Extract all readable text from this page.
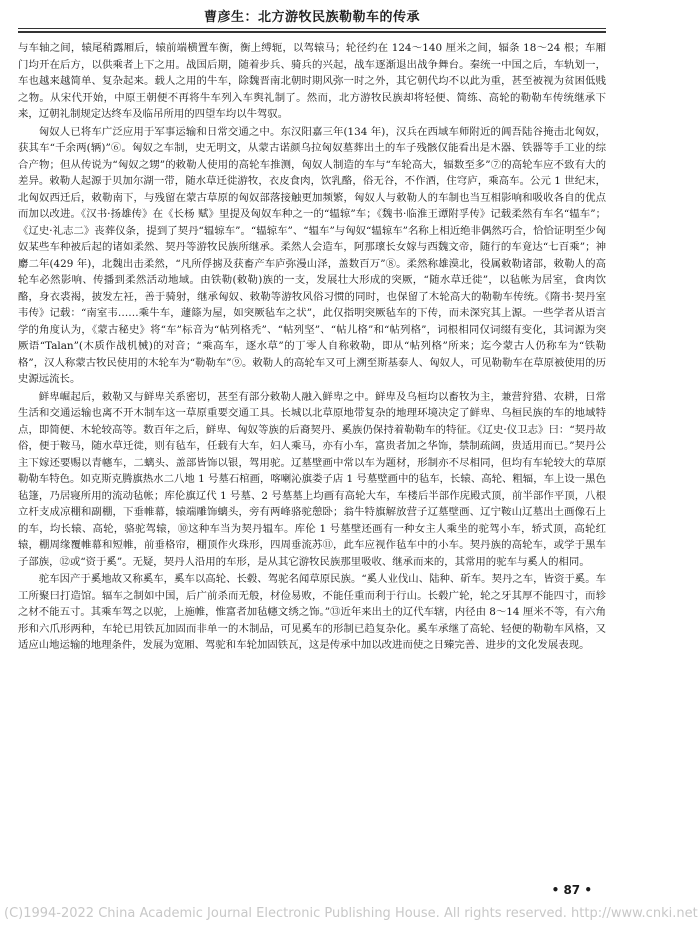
曹彦生：北方游牧民族勒勒车的传承

与车轴之间，辕尾稍露厢后，辕前端横置车衡，衡上缚轭，以驾辕马；轮径约在 124～140 厘米之间，辐条 18～24 根；车厢门均开在后方，以供乘者上下之用。战国后期，随着步兵、骑兵的兴起，战车逐渐退出战争舞台。秦统一中国之后，车轨划一，车也越来越简单、复杂起来。载人之用的牛车，除魏晋南北朝时期风弥一时之外，其它朝代均不以此为重，甚至被视为贫困低贱之物。从宋代开始，中原王朝便不再将牛车列入车舆礼制了。然而，北方游牧民族却将轻便、简练、高轮的勒勒车传统继承下来，辽朝礼制规定达终车及临吊所用的四望车均以牛驾驭。

匈奴人已将车广泛应用于军事运输和日常交通之中。东汉阳嘉三年(134 年)，汉兵在西域车师附近的阊吾陆谷掩击北匈奴，获其车“千余两(辆)”⑥。匈奴之车制，史无明文，从蒙古诺颜乌拉匈奴墓葬出土的车子残骸仅能看出是木器、铁器等手工业的综合产物；但从传说为“匈奴之甥”的敕勒人使用的高轮车推测，匈奴人制造的车与“车轮高大，辐数至多”⑦的高轮车应不致有大的差异。敕勒人起源于贝加尔湖一带，随水草迁徙游牧，衣皮食肉，饮乳酪，俗无谷，不作酒，住穹庐，乘高车。公元 1 世纪末，北匈奴西迁后，敕勒南下，与残留在蒙古草原的匈奴部落接触更加频繁，匈奴人与敕勒人的车制也当互相影响和吸收各自的优点而加以改进。《汉书·扬雄传》在《长杨 赋》里提及匈奴车种之一的“辒辌”车；《魏书·临淮王谭附孚传》记载柔然有车名“辒车”；《辽史·礼志二》丧葬仪条，提到了契丹“辒辌车”。“辒辌车”、“辒车”与匈奴“辒辌车”名称上相近绝非偶然巧合，恰恰证明至少匈奴某些车种被后起的诸如柔然、契丹等游牧民族所继承。柔然人会造车，阿那瓌长女嫁与西魏文帝，随行的车竟达“七百乘”；神麝二年(429 年)，北魏出击柔然，“凡所俘掳及获畜产车庐弥漫山泽，盖数百万”⑧。柔然称雄漠北，役属敕勒诸部，敕勒人的高轮车必然影响、传播到柔然活动地域。由铁勒(敕勒)族的一支，发展壮大形成的突厥，“随水草迁徙”，以毡帐为居室，食肉饮酪，身衣裘褐，披发左衽，善于骑射，继承匈奴、敕勒等游牧风俗习惯的同时，也保留了木轮高大的勒勒车传统。《隋书·契丹室韦传》记载：“南室韦……乘牛车，蘧篨为屋，如突厥毡车之状”，此仅指明突厥毡车的下传，而未深究其上源。一些学者从语言学的角度认为，《蒙古秘史》将“车”标音为“帖列格秃”、“帖列坚”、“帖儿格”和“帖列格”，词根相同仅词缀有变化，其词源为突厥语“Talan”(木质作战机械)的对音；“乘高车，逐水草”的丁零人自称敕勒，即从“帖列格”所来；迄今蒙古人仍称车为“铁勒格”，汉人称蒙古牧民使用的木轮车为“勒勒车”⑨。敕勒人的高轮车又可上溯至斯基泰人、匈奴人，可见勒勒车在草原被使用的历史源远流长。

鲜卑崛起后，敕勒又与鲜卑关系密切，甚至有部分敕勒人融入鲜卑之中。鲜卑及乌桓均以畜牧为主，兼营狩猎、农耕，日常生活和交通运输也离不开木制车这一草原重要交通工具。长城以北草原地带复杂的地理环境决定了鲜卑、乌桓民族的车的地域特点，即简便、木轮较高等。数百年之后，鲜卑、匈奴等族的后裔契丹、奚族仍保持着勒勒车的特征。《辽史·仪卫志》曰：“契丹故俗，便于鞍马，随水草迁徙，则有毡车，任载有大车，妇人乘马，亦有小车，富贵者加之华饰，禁制疏阔，贵适用而已。”契丹公主下嫁还要赐以青幰车，二螭头、盖部皆饰以银，驾用驼。辽墓壁画中常以车为题材，形制亦不尽相同，但均有车轮较大的草原勒勒车特色。如克斯克腾旗热水二八地 1 号墓石棺画，喀喇沁旗娄子店 1 号墓壁画中的毡车，长辕、高轮、粗辐，车上设一黑色毡篷，乃居寝所用的流动毡帐；库伦旗辽代 1 号墓、2 号墓墓上均画有高轮大车，车楼后半部作庑殿式顶，前半部作平顶，八根立杆支成凉棚和副棚，下垂帷幕，辕端雕饰螭头，旁有两峰骆驼憩卧；翁牛特旗解放营子辽墓壁画、辽宁鞍山辽墓出土画像石上的车，均长辕、高轮，骆驼驾辕，⑩这种车当为契丹辒车。库伦 1 号墓壁还画有一种女主人乘坐的驼驾小车，轿式顶，高轮红辕，棚周缘覆帷幕和短帷，前垂格帘，棚顶作火珠形，四周垂流苏⑪，此车应视作毡车中的小车。契丹族的高轮车，或学于黑车子部族，⑫或“资于奚”。无疑，契丹人沿用的车形，是从其它游牧民族那里吸收、继承而来的，其常用的驼车与奚人的相同。

驼车因产于奚地故又称奚车，奚车以高轮、长毂、驾驼名闻草原民族。“奚人业伐山、陆种、斫车。契丹之车，皆资于奚。车工所聚曰打造馆。辐车之制如中国，后广前杀而无般，材俭易败，不能任重而利于行山。长毂广轮，轮之牙其厚不能四寸，而轸之材不能五寸。其乘车驾之以驼，上施帷，惟富者加毡幰文绣之饰。”⑬近年来出土的辽代车辖，内径由 8～14 厘米不等，有六角形和六爪形两种，车轮已用铁瓦加固而非单一的木制品，可见奚车的形制已趋复杂化。奚车承继了高轮、轻便的勒勒车风格，又适应山地运输的地理条件，发展为宽厢、驾驼和车轮加固铁瓦，这是传承中加以改进而使之日臻完善、进步的文化发展表现。

• 87 •
(C)1994-2022 China Academic Journal Electronic Publishing House. All rights reserved. http://www.cnki.net
